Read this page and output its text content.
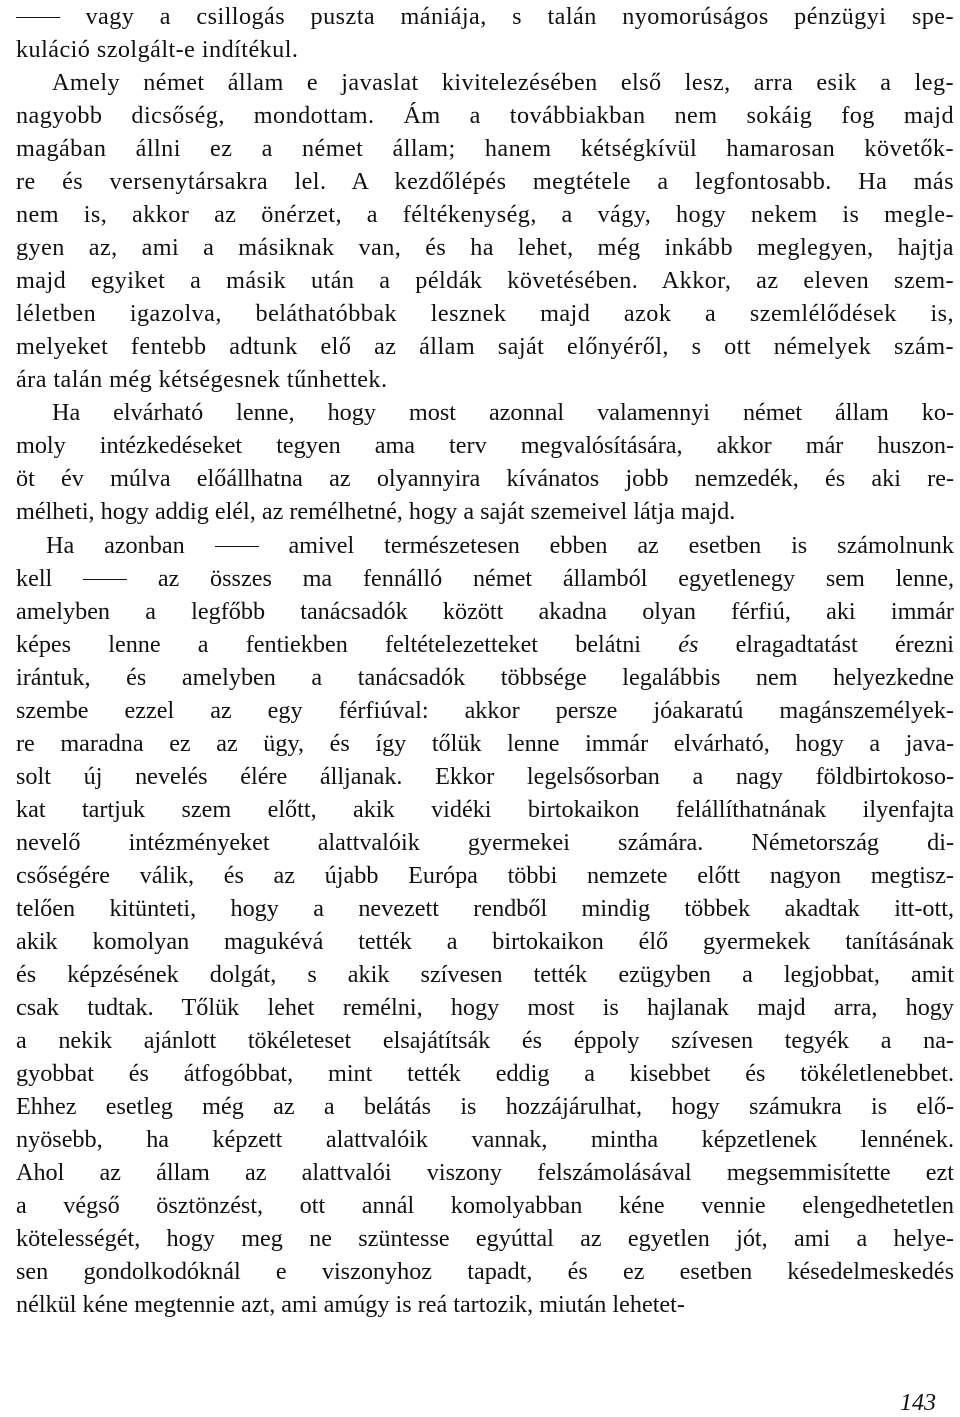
vagy a csillogás puszta mániája, s talán nyomorúságos pénzügyi spe-
kuláció szolgált-e indítékul.
Amely német állam e javaslat kivitelezésében első lesz, arra esik a leg-
nagyobb dicsőség, mondottam. Ám a továbbiakban nem sokáig fog majd
magában állni ez a német állam; hanem kétségkívül hamarosan követők-
re és versenytársakra lel. A kezdőlépés megtétele a legfontosabb. Ha más
nem is, akkor az önérzet, a féltékenység, a vágy, hogy nekem is megle-
gyen az, ami a másiknak van, és ha lehet, még inkább meglegyen, hajtja
majd egyiket a másik után a példák követésében. Akkor, az eleven szem-
léletben igazolva, beláthatóbbak lesznek majd azok a szemlélődések is,
melyeket fentebb adtunk elő az állam saját előnyéről, s ott némelyek szám-
ára talán még kétségesnek tűnhettek.
Ha elvárható lenne, hogy most azonnal valamennyi német állam ko-
moly intézkedéseket tegyen ama terv megvalósítására, akkor már huszon-
öt év múlva előállhatna az olyannyira kívánatos jobb nemzedék, és aki re-
mélheti, hogy addig elél, az remélhetné, hogy a saját szemeivel látja majd.
Ha azonban  amivel természetesen ebben az esetben is számolnunk
kell  az összes ma fennálló német államból egyetlenegy sem lenne,
amelyben a legfőbb tanácsadók között akadna olyan férfiú, aki immár
képes lenne a fentiekben feltételezetteket belátni és elragadtatást érezni
irántuk, és amelyben a tanácsadók többsége legalábbis nem helyezkedne
szembe ezzel az egy férfiúval: akkor persze jóakaratú magánszemélyek-
re maradna ez az ügy, és így tőlük lenne immár elvárható, hogy a java-
solt új nevelés élére álljanak. Ekkor legelsősorban a nagy földbirtokoso-
kat tartjuk szem előtt, akik vidéki birtokaikon felállíthatnának ilyenfajta
nevelő intézményeket alattvalóik gyermekei számára. Németország di-
csőségére válik, és az újabb Európa többi nemzete előtt nagyon megtisz-
telően kitünteti, hogy a nevezett rendből mindig többek akadtak itt-ott,
akik komolyan magukévá tették a birtokaikon élő gyermekek tanításának
és képzésének dolgát, s akik szívesen tették ezügyben a legjobbat, amit
csak tudtak. Tőlük lehet remélni, hogy most is hajlanak majd arra, hogy
a nekik ajánlott tökéleteset elsajátítsák és éppoly szívesen tegyék a na-
gyobbat és átfogóbbat, mint tették eddig a kisebbet és tökéletlenebbet.
Ehhez esetleg még az a belátás is hozzájárulhat, hogy számukra is elő-
nyösebb, ha képzett alattvalóik vannak, mintha képzetlenek lennének.
Ahol az állam az alattvalói viszony felszámolásával megsemmisítette ezt
a végső ösztönzést, ott annál komolyabban kéne vennie elengedhetetlen
kötelességét, hogy meg ne szüntesse egyúttal az egyetlen jót, ami a helye-
sen gondolkodóknál e viszonyhoz tapadt, és ez esetben késedelmeskedés
nélkül kéne megtennie azt, ami amúgy is reá tartozik, miután lehetet-
143
